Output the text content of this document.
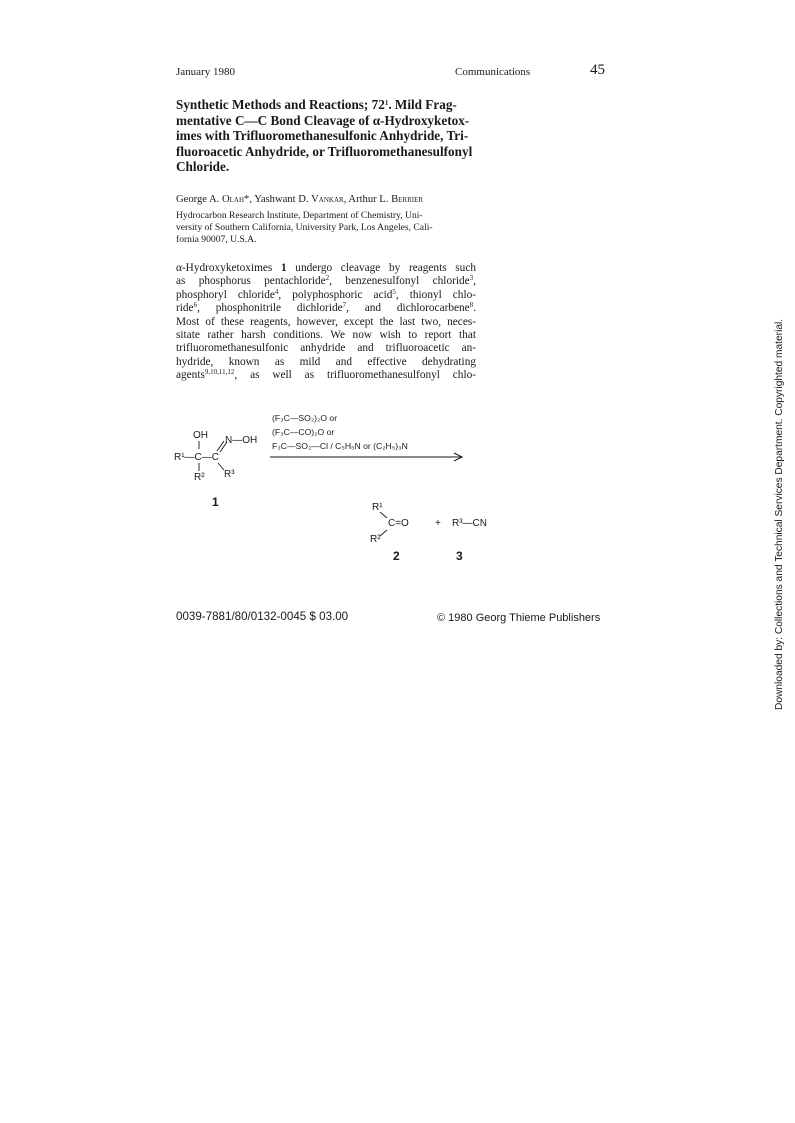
January 1980	Communications	45
Synthetic Methods and Reactions; $72^1$. Mild Frag-
mentative C—C Bond Cleavage of α-Hydroxyketox-
imes with Trifluoromethanesulfonic Anhydride, Tri-
fluoroacetic Anhydride, or Trifluoromethanesulfonyl
Chloride.
George A. Olah*, Yashwant D. Vankar, Arthur L. Berrier
Hydrocarbon Research Institute, Department of Chemistry, Uni-
versity of Southern California, University Park, Los Angeles, Cali-
fornia 90007, U.S.A.
α-Hydroxyketoximes 1 undergo cleavage by reagents such
as phosphorus pentachloride$^2$, benzenesulfonyl chloride$^3$,
phosphoryl chloride$^4$, polyphosphoric acid$^5$, thionyl chlo-
ride$^6$, phosphonitrile dichloride$^7$, and dichlorocarbene$^8$.
Most of these reagents, however, except the last two, neces-
sitate rather harsh conditions. We now wish to report that
trifluoromethanesulfonic anhydride and trifluoroacetic an-
hydride, known as mild and effective dehydrating
agents$^{9,10,11,12}$, as well as trifluoromethanesulfonyl chlo-
(F₃C—SO₂)₂O or
(F₃C—CO)₂O or
F₃C—SO₂—Cl / C₅H₅N or (C₂H₅)₃N
OH N—OH
R¹—C—C
R² R³
1	R¹
C=O
R²
+ R³—CN
2	3
0039-7881/80/0132-0045 $ 03.00	© 1980 Georg Thieme Publishers	Downloaded by: Collections and Technical Services Department. Copyrighted material.
